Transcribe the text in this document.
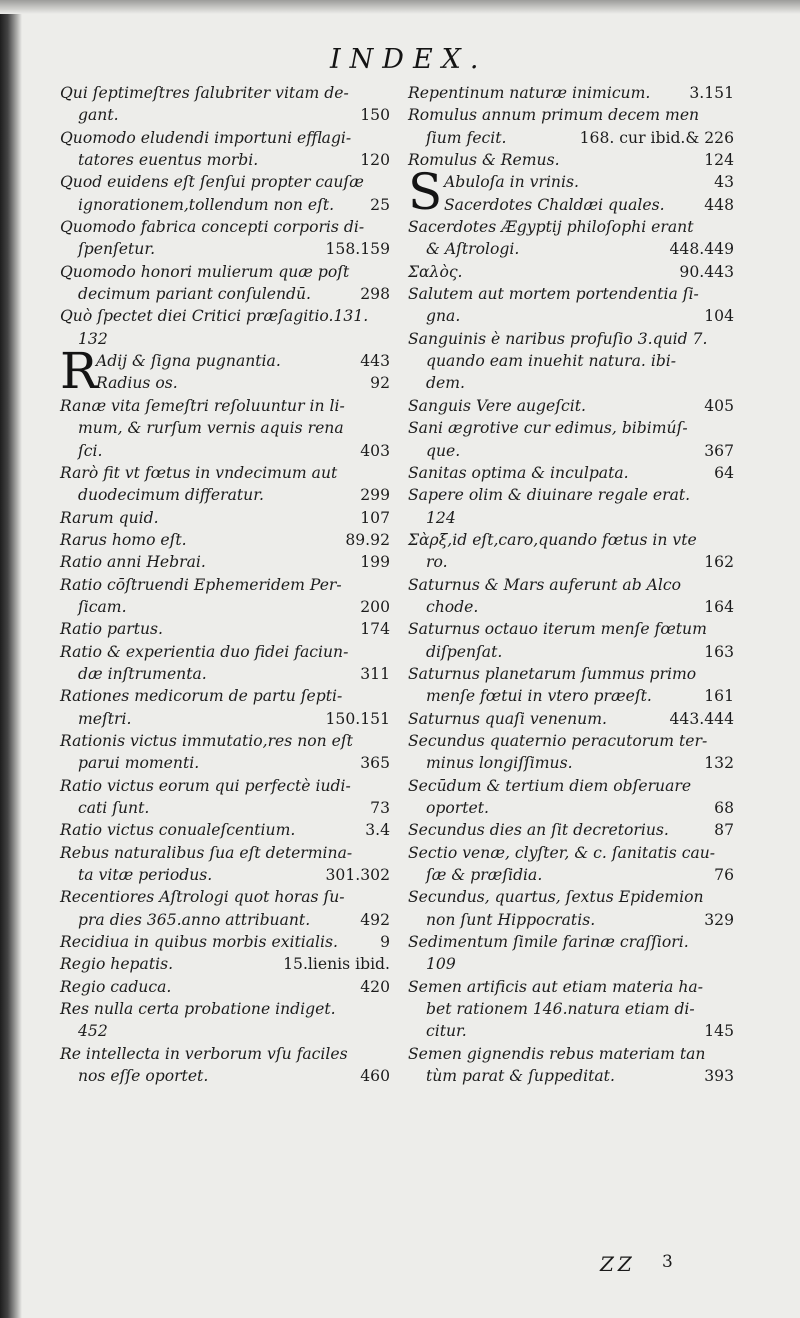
INDEX.
Qui ſeptimeſtres ſalubriter vitam de-
gant.	150
Quomodo eludendi importuni efflagi-
tatores euentus morbi.	120
Quod euidens eſt ſenſui propter cauſæ
ignorationem,tollendum non eſt.	25
Quomodo fabrica concepti corporis di-
ſpenſetur.	158.159
Quomodo honori mulierum quæ poſt
decimum pariant conſulendū.	298
Quò ſpectet diei Critici præſagitio.131.
132
R
Adij & ſigna pugnantia.	443
Radius os.	92
Ranæ vita ſemeſtri reſoluuntur in li-
mum, & rurſum vernis aquis rena
ſci.	403
Rarò fit vt fœtus in vndecimum aut
duodecimum differatur.	299
Rarum quid.	107
Rarus homo eſt.	89.92
Ratio anni Hebrai.	199
Ratio cōſtruendi Ephemeridem Per-
ſicam.	200
Ratio partus.	174
Ratio & experientia duo fidei faciun-
dæ inſtrumenta.	311
Rationes medicorum de partu ſepti-
meſtri.	150.151
Rationis victus immutatio,res non eſt
parui momenti.	365
Ratio victus eorum qui perfectè iudi-
cati ſunt.	73
Ratio victus conualeſcentium.	3.4
Rebus naturalibus ſua eſt determina-
ta vitæ periodus.	301.302
Recentiores Aſtrologi quot horas ſu-
pra dies 365.anno attribuant.	492
Recidiua in quibus morbis exitialis.	9
Regio hepatis.	15.lienis ibid.
Regio caduca.	420
Res nulla certa probatione indiget.
452
Re intellecta in verborum vſu faciles
nos eſſe oportet.	460
Repentinum naturæ inimicum.	3.151
Romulus annum primum decem men
ſium fecit.	168. cur ibid.& 226
Romulus & Remus.	124
S Abuloſa in vrinis.	43
Sacerdotes Chaldæi quales.	448
Sacerdotes Ægyptij philoſophi erant
& Aſtrologi.	448.449
Σαλὸς.	90.443
Salutem aut mortem portendentia ſi-
gna.	104
Sanguinis è naribus profuſio 3.quid 7.
quando eam inuehit natura. ibi-
dem.
Sanguis Vere augeſcit.	405
Sani ægrotive cur edimus, bibimúſ-
que.	367
Sanitas optima & inculpata.	64
Sapere olim & diuinare regale erat.
124
Σὰρξ,id eſt,caro,quando fœtus in vte
ro.	162
Saturnus & Mars auferunt ab Alco
chode.	164
Saturnus octauo iterum menſe fœtum
diſpenſat.	163
Saturnus planetarum ſummus primo
menſe fœtui in vtero præeſt.	161
Saturnus quaſi venenum.	443.444
Secundus quaternio peracutorum ter-
minus longiſſimus.	132
Secūdum & tertium diem obſeruare
oportet.	68
Secundus dies an ſit decretorius.	87
Sectio venæ, clyſter, & c. ſanitatis cau-
ſæ & præſidia.	76
Secundus, quartus, ſextus Epidemion
non ſunt Hippocratis.	329
Sedimentum ſimile farinæ craſſiori.
109
Semen artificis aut etiam materia ha-
bet rationem 146.natura etiam di-
citur.	145
Semen gignendis rebus materiam tan
tùm parat & ſuppeditat.	393
ZZ 3
